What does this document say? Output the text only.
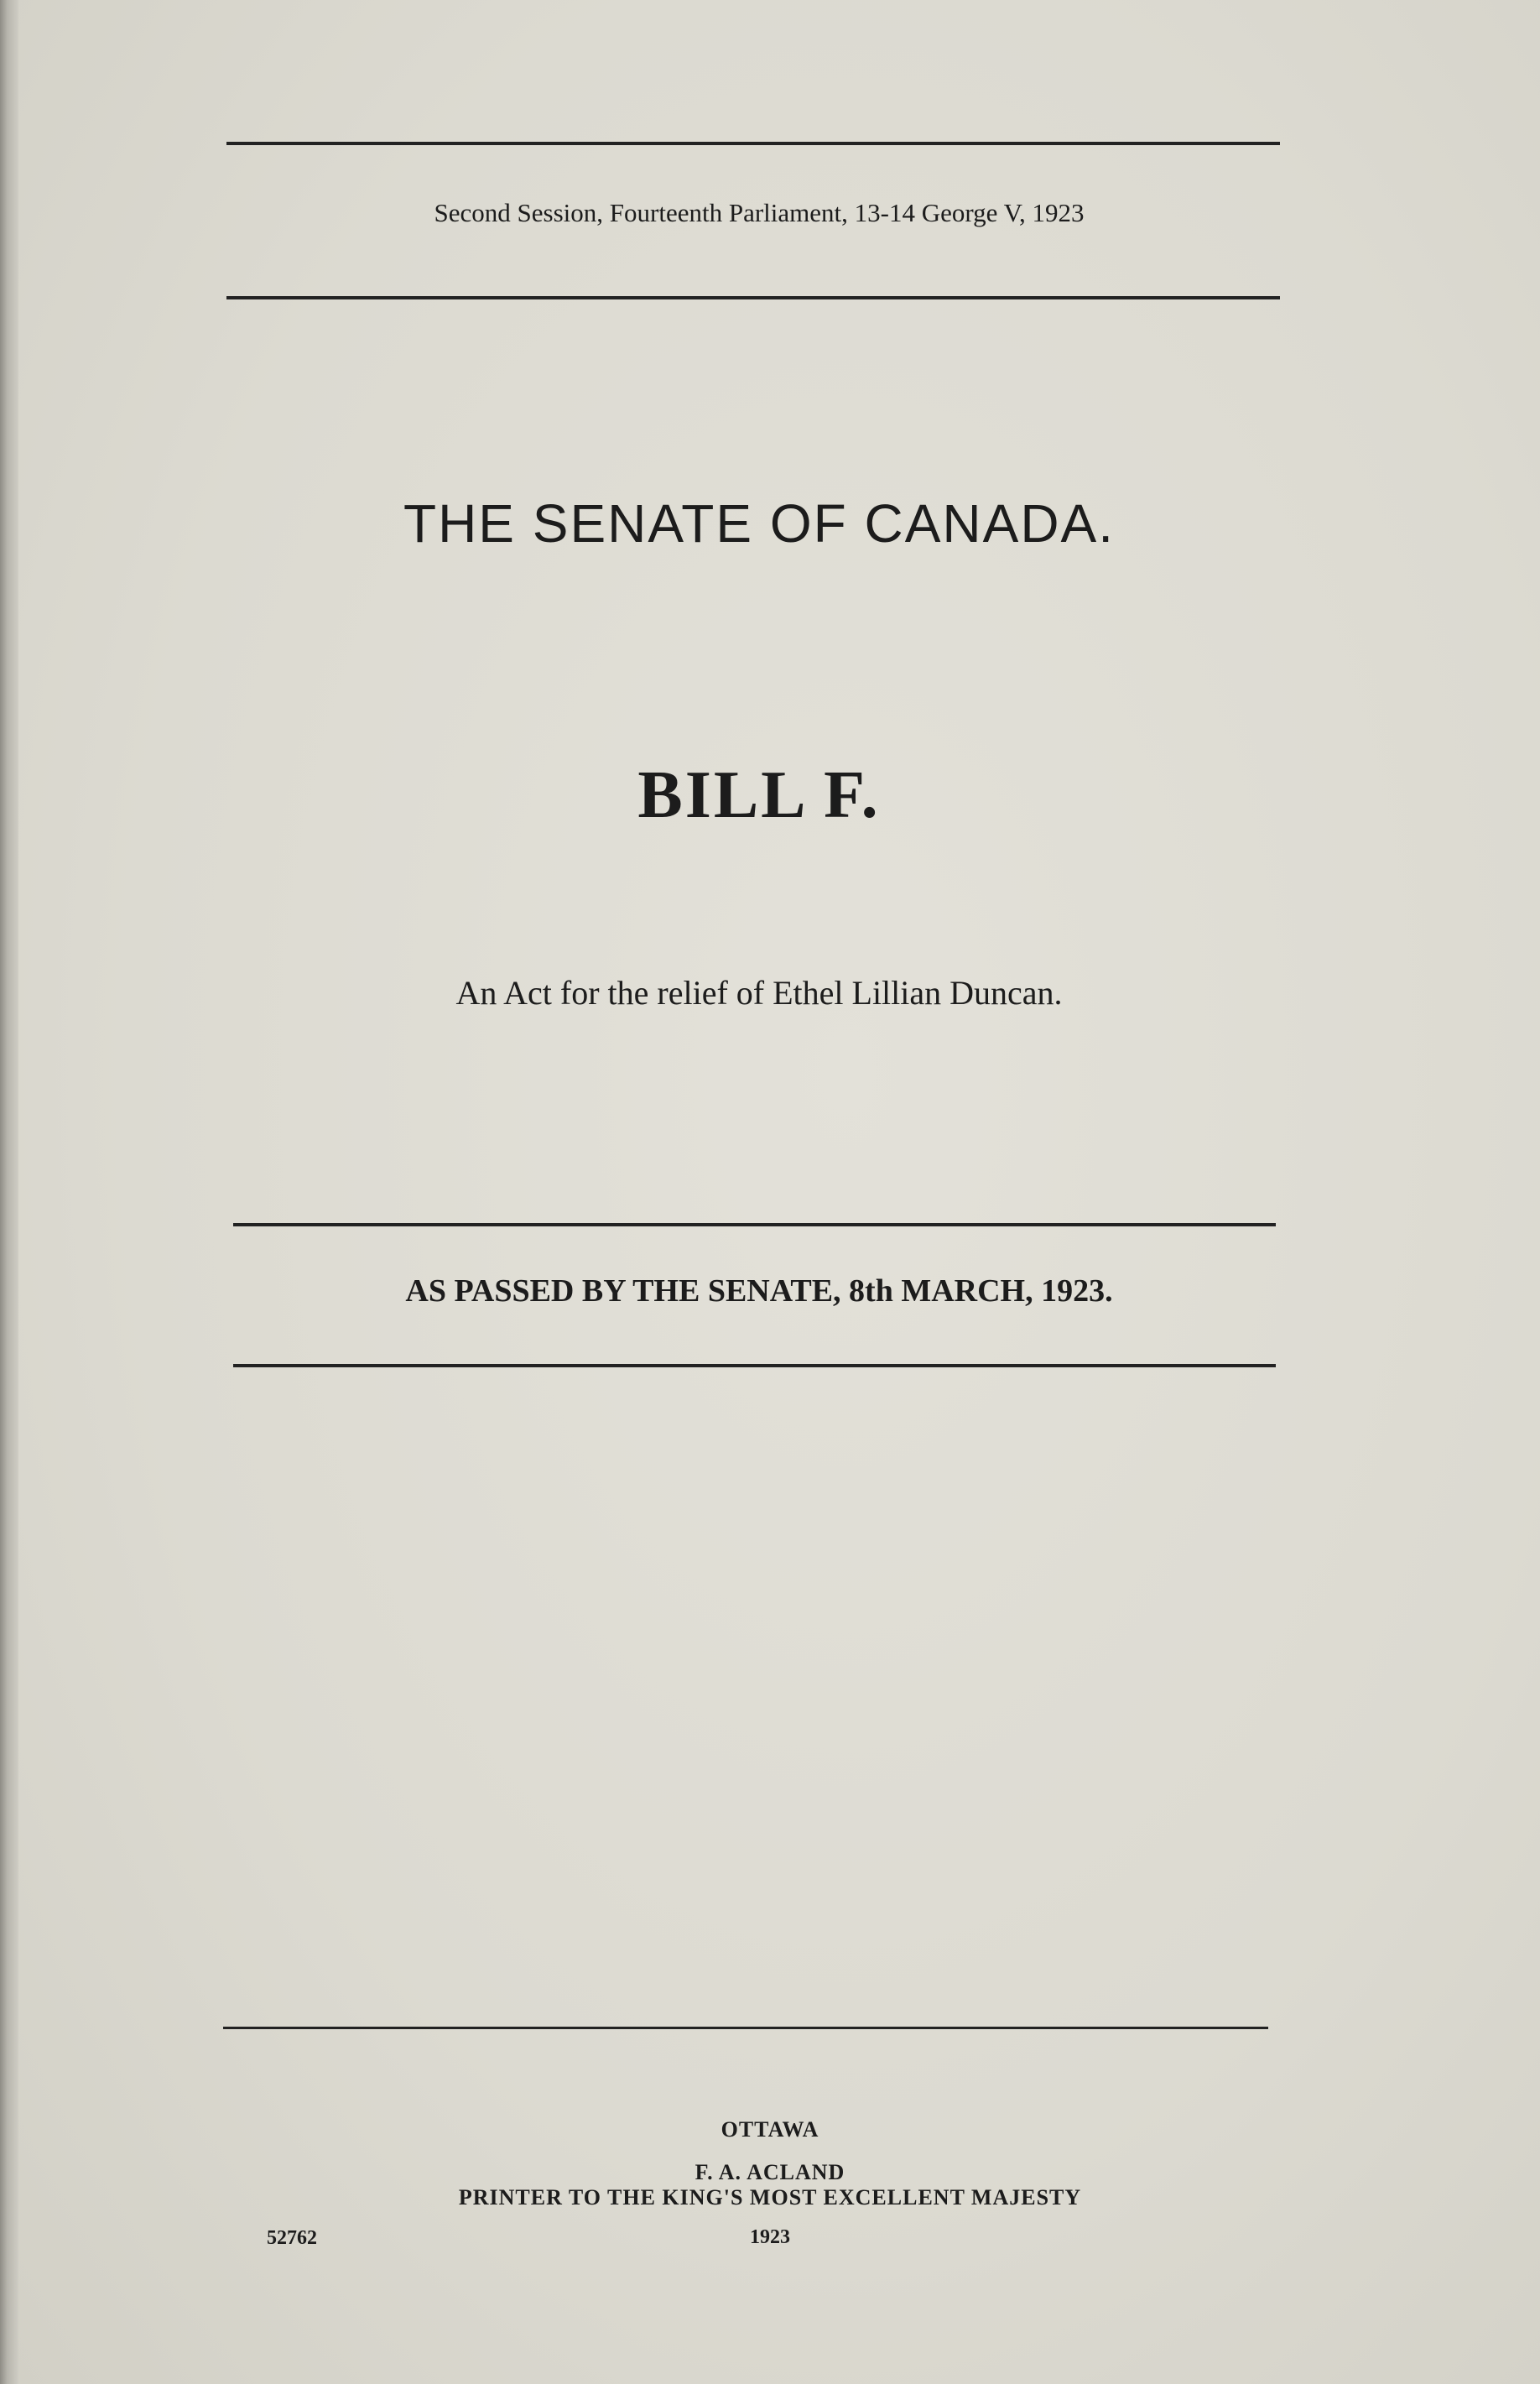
Second Session, Fourteenth Parliament, 13-14 George V, 1923
THE SENATE OF CANADA.
BILL F.
An Act for the relief of Ethel Lillian Duncan.
AS PASSED BY THE SENATE, 8th MARCH, 1923.
OTTAWA
F. A. ACLAND
PRINTER TO THE KING'S MOST EXCELLENT MAJESTY
1923
52762
